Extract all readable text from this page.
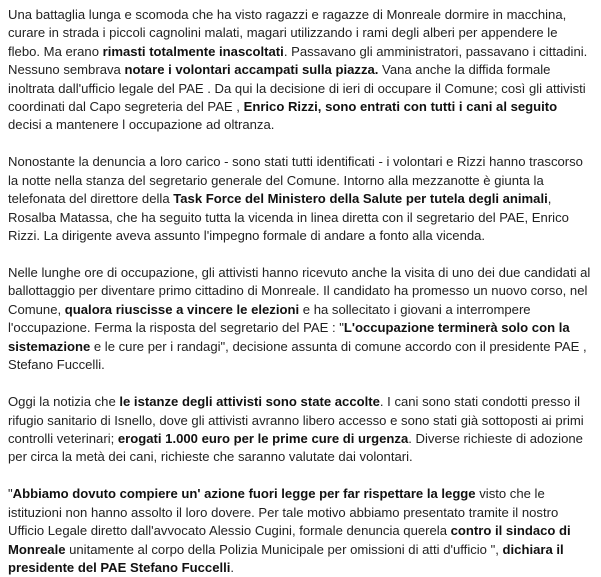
Una battaglia lunga e scomoda che ha visto ragazzi e ragazze di Monreale dormire in macchina, curare in strada i piccoli cagnolini malati, magari utilizzando i rami degli alberi per appendere le flebo. Ma erano rimasti totalmente inascoltati. Passavano gli amministratori, passavano i cittadini. Nessuno sembrava notare i volontari accampati sulla piazza. Vana anche la diffida formale inoltrata dall'ufficio legale del PAE . Da qui la decisione di ieri di occupare il Comune; così gli attivisti coordinati dal Capo segreteria del PAE , Enrico Rizzi, sono entrati con tutti i cani al seguito decisi a mantenere l occupazione ad oltranza.

Nonostante la denuncia a loro carico - sono stati tutti identificati - i volontari e Rizzi hanno trascorso la notte nella stanza del segretario generale del Comune. Intorno alla mezzanotte è giunta la telefonata del direttore della Task Force del Ministero della Salute per tutela degli animali, Rosalba Matassa, che ha seguito tutta la vicenda in linea diretta con il segretario del PAE, Enrico Rizzi. La dirigente aveva assunto l'impegno formale di andare a fonto alla vicenda.

Nelle lunghe ore di occupazione, gli attivisti hanno ricevuto anche la visita di uno dei due candidati al ballottaggio per diventare primo cittadino di Monreale. Il candidato ha promesso un nuovo corso, nel Comune, qualora riuscisse a vincere le elezioni e ha sollecitato i giovani a interrompere l'occupazione. Ferma la risposta del segretario del PAE : "L'occupazione terminerà solo con la sistemazione e le cure per i randagi", decisione assunta di comune accordo con il presidente PAE , Stefano Fuccelli.

Oggi la notizia che le istanze degli attivisti sono state accolte. I cani sono stati condotti presso il rifugio sanitario di Isnello, dove gli attivisti avranno libero accesso e sono stati già sottoposti ai primi controlli veterinari; erogati 1.000 euro per le prime cure di urgenza. Diverse richieste di adozione per circa la metà dei cani, richieste che saranno valutate dai volontari.

"Abbiamo dovuto compiere un' azione fuori legge per far rispettare la legge visto che le istituzioni non hanno assolto il loro dovere. Per tale motivo abbiamo presentato tramite il nostro Ufficio Legale diretto dall'avvocato Alessio Cugini, formale denuncia querela contro il sindaco di Monreale unitamente al corpo della Polizia Municipale per omissioni di atti d'ufficio ", dichiara il presidente del PAE Stefano Fuccelli.
